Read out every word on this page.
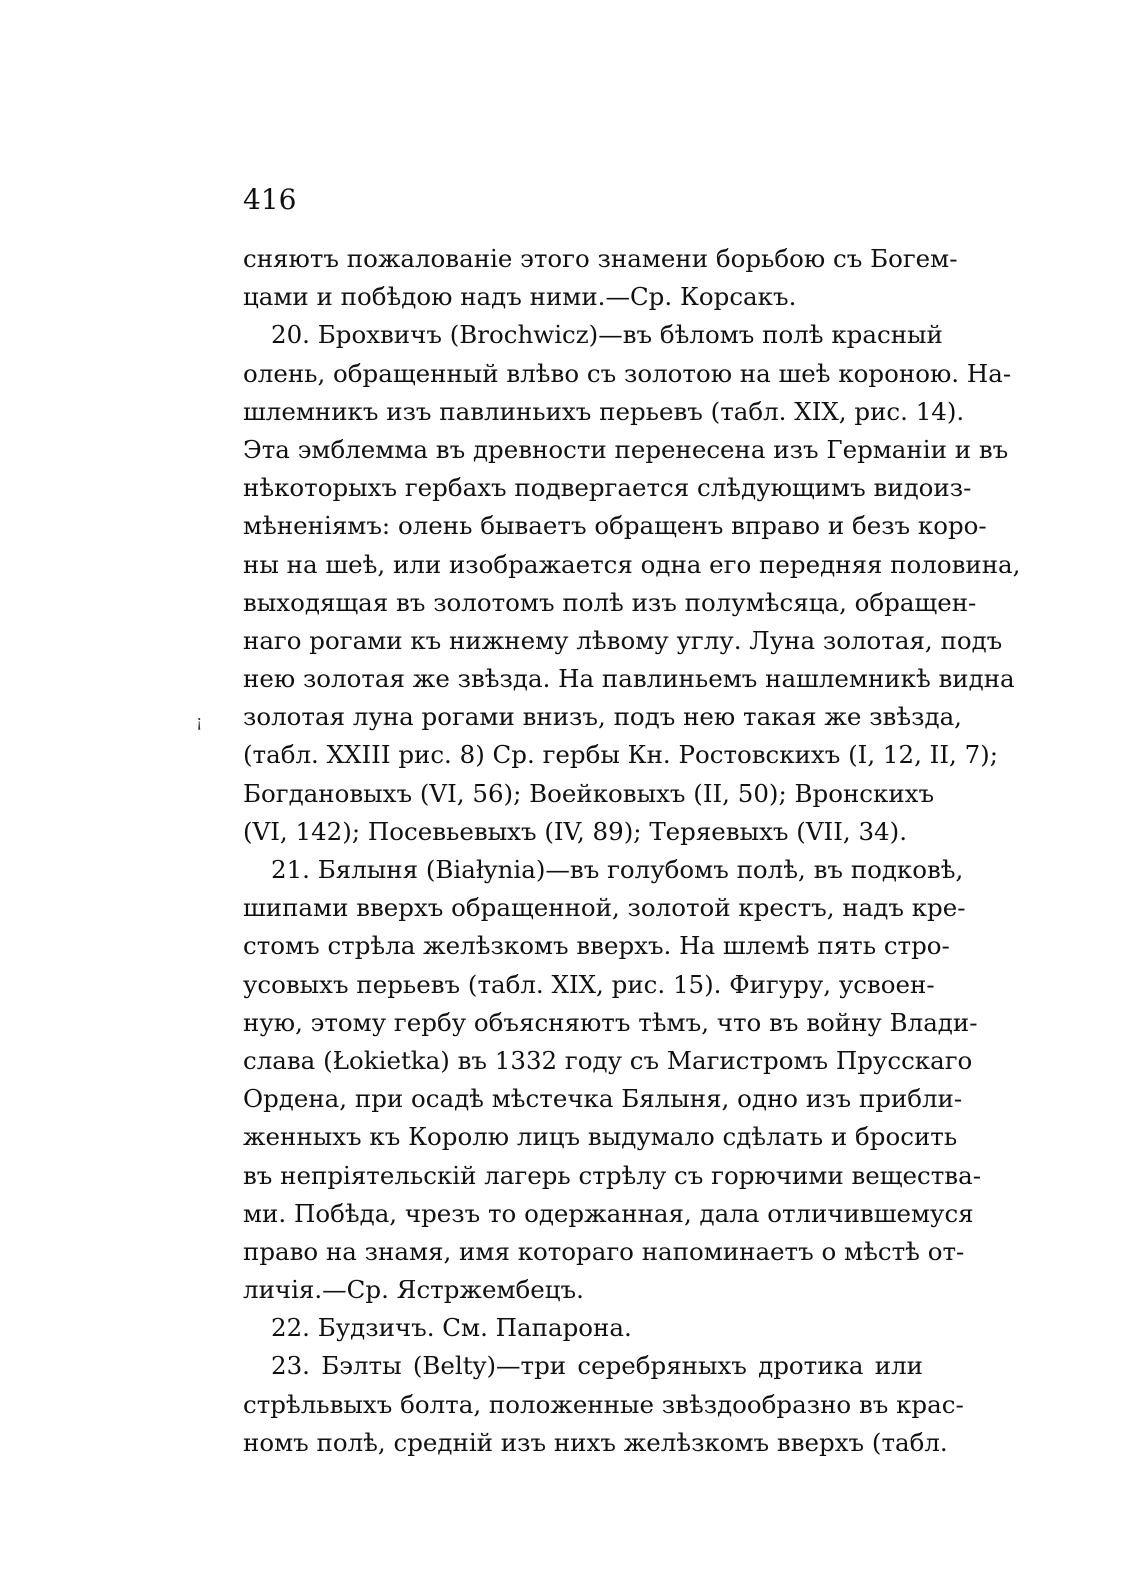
416
¡
сняютъ пожалованіе этого знамени борьбою съ Богем-
цами и побѣдою надъ ними.—Ср. Корсакъ.
20. Брохвичъ (Brochwicz)—въ бѣломъ полѣ красный
олень, обращенный влѣво съ золотою на шеѣ короною. На-
шлемникъ изъ павлиньихъ перьевъ (табл. XIX, рис. 14).
Эта эмблемма въ древности перенесена изъ Германіи и въ
нѣкоторыхъ гербахъ подвергается слѣдующимъ видоиз-
мѣненіямъ: олень бываетъ обращенъ вправо и безъ коро-
ны на шеѣ, или изображается одна его передняя половина,
выходящая въ золотомъ полѣ изъ полумѣсяца, обращен-
наго рогами къ нижнему лѣвому углу. Луна золотая, подъ
нею золотая же звѣзда. На павлиньемъ нашлемникѣ видна
золотая луна рогами внизъ, подъ нею такая же звѣзда,
(табл. XXIII рис. 8) Ср. гербы Кн. Ростовскихъ (I, 12, II, 7);
Богдановыхъ (VI, 56); Воейковыхъ (II, 50); Вронскихъ
(VI, 142); Посевьевыхъ (IV, 89); Теряевыхъ (VII, 34).
21. Бялыня (Białynia)—въ голубомъ полѣ, въ подковѣ,
шипами вверхъ обращенной, золотой крестъ, надъ кре-
стомъ стрѣла желѣзкомъ вверхъ. На шлемѣ пять стро-
усовыхъ перьевъ (табл. XIX, рис. 15). Фигуру, усвоен-
ную, этому гербу объясняютъ тѣмъ, что въ войну Влади-
слава (Łokietka) въ 1332 году съ Магистромъ Прусскаго
Ордена, при осадѣ мѣстечка Бялыня, одно изъ прибли-
женныхъ къ Королю лицъ выдумало сдѣлать и бросить
въ непріятельскій лагерь стрѣлу съ горючими вещества-
ми. Побѣда, чрезъ то одержанная, дала отличившемуся
право на знамя, имя котораго напоминаетъ о мѣстѣ от-
личія.—Ср. Ястржембецъ.
22. Будзичъ. См. Папарона.
23. Бэлты (Belty)—три серебряныхъ дротика или
стрѣльвыхъ болта, положенные звѣздообразно въ крас-
номъ полѣ, средній изъ нихъ желѣзкомъ вверхъ (табл.
